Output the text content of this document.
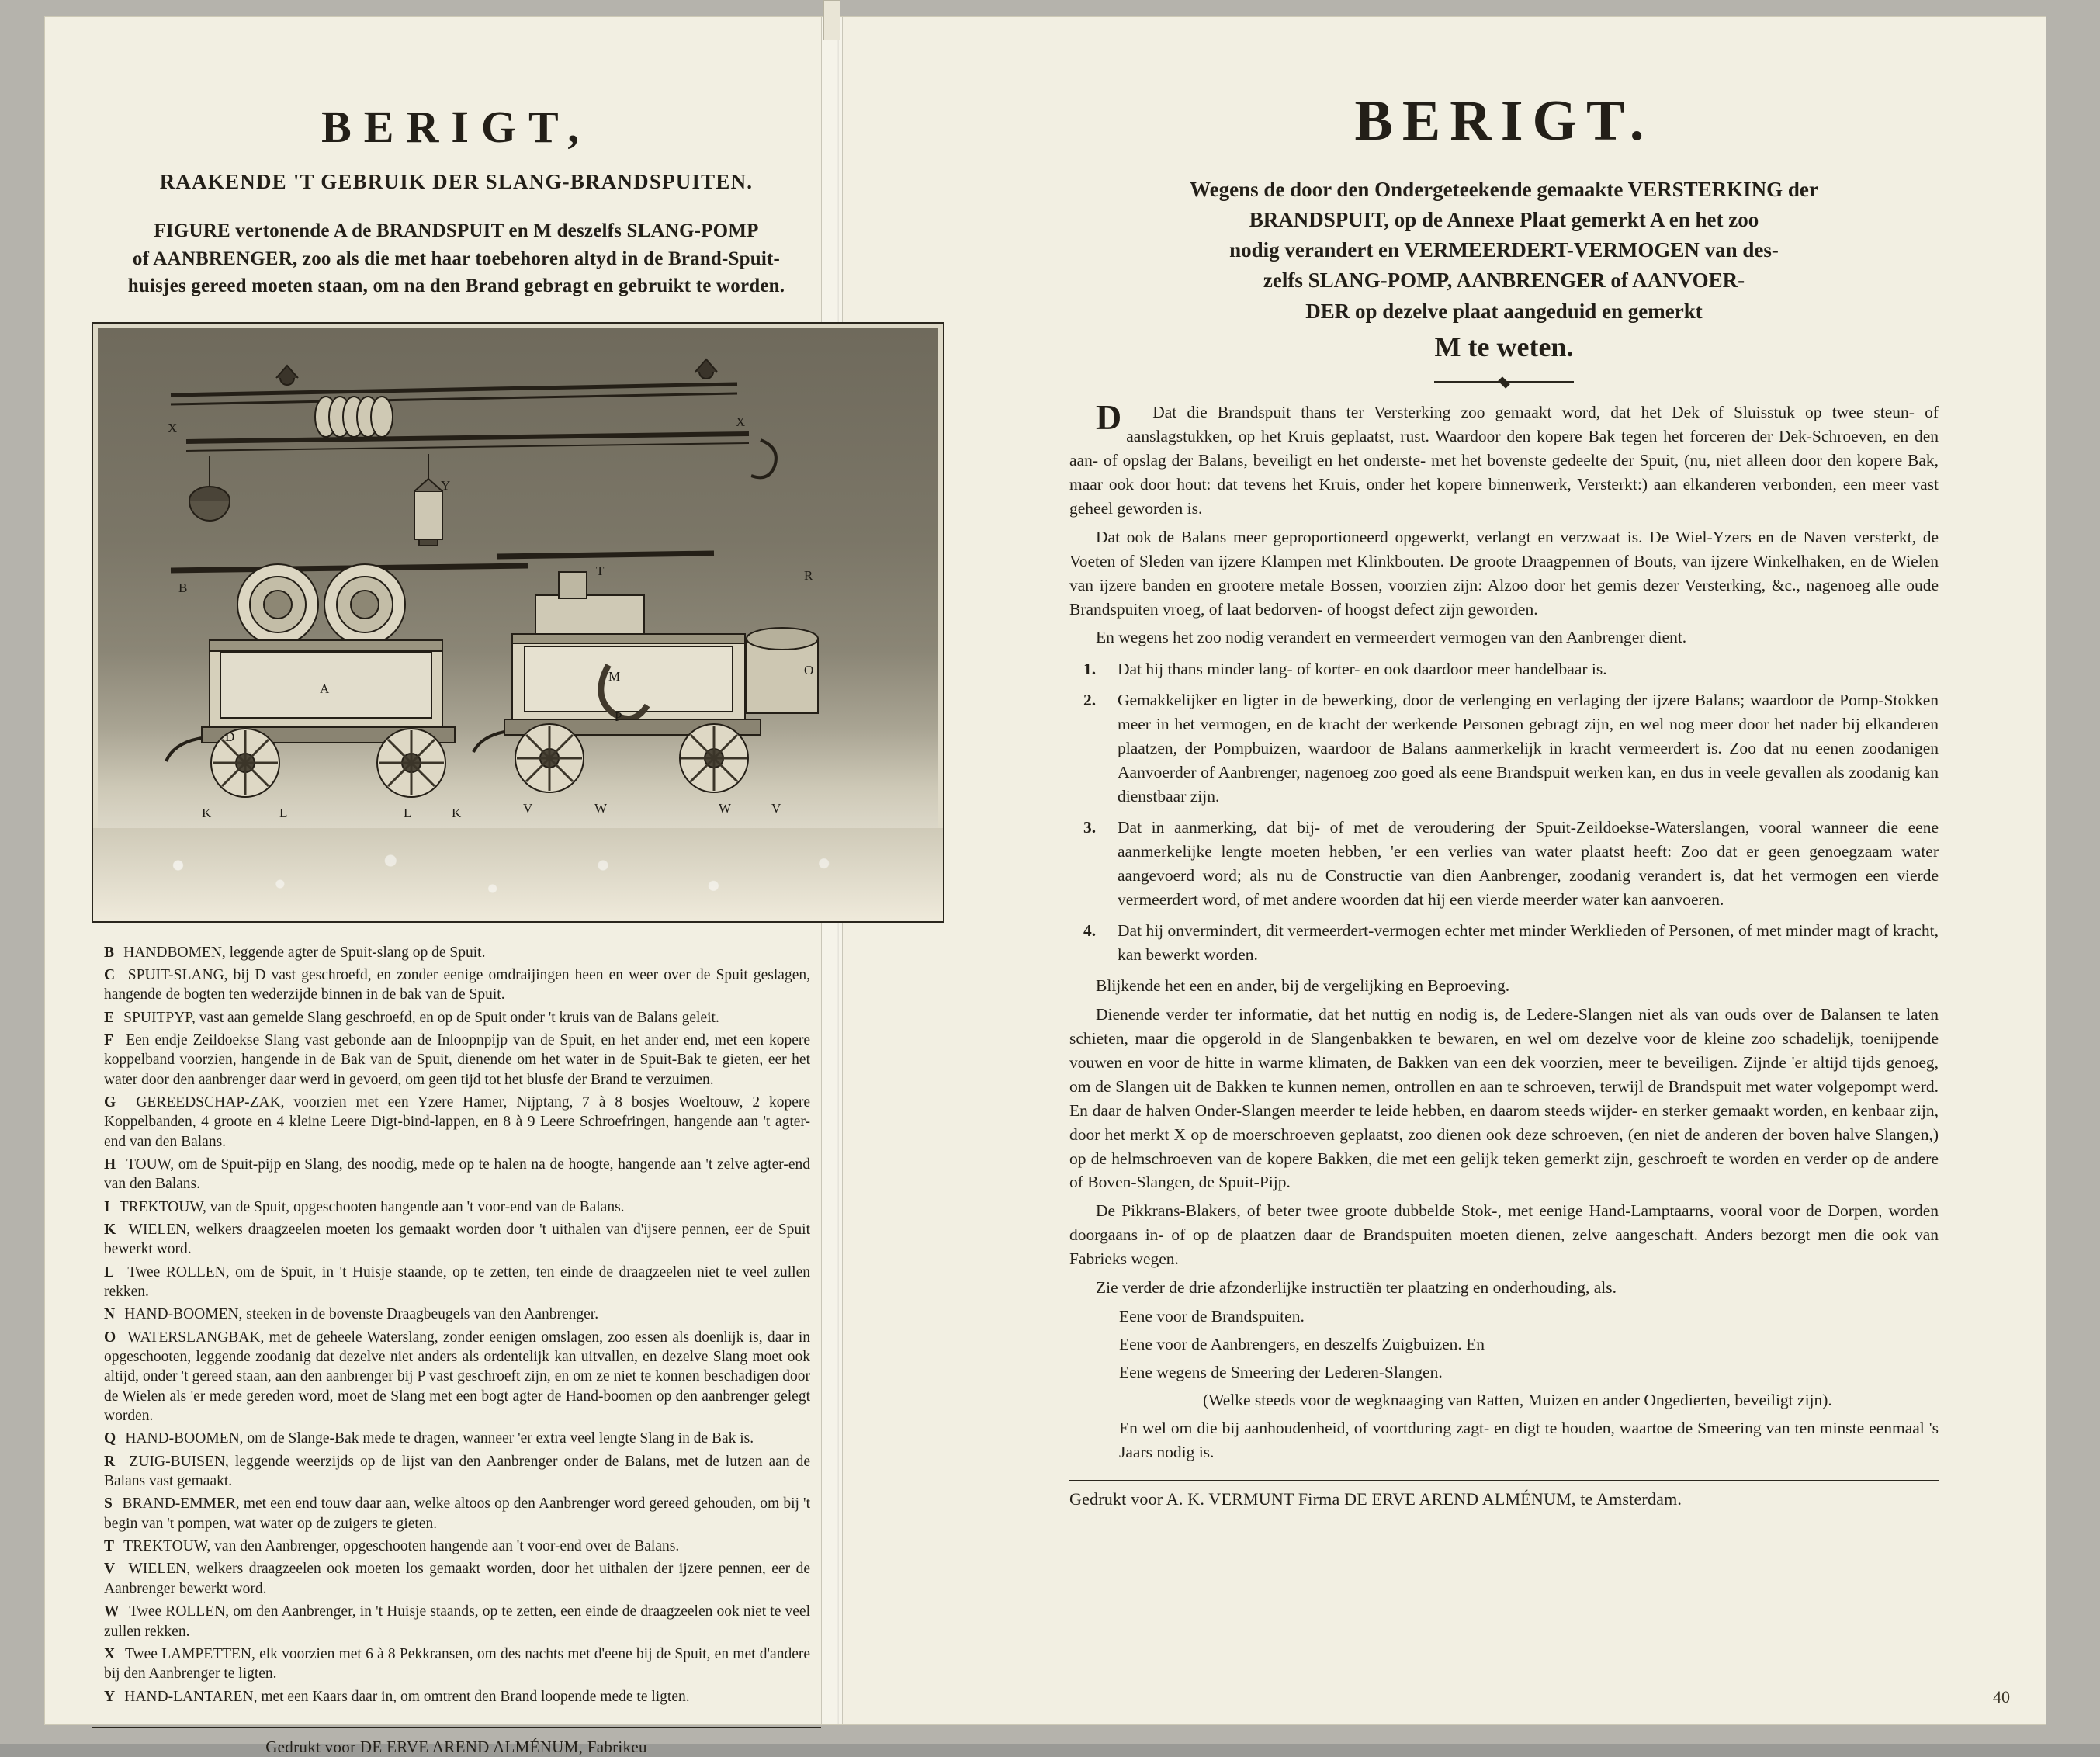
BERIGT,
RAAKENDE 'T GEBRUIK DER SLANG-BRANDSPUITEN.
FIGURE vertonende A de BRANDSPUIT en M deszelfs SLANG-POMP
of AANBRENGER, zoo als die met haar toebehoren altyd in de Brand-Spuit-
huisjes gereed moeten staan, om na den Brand gebragt en gebruikt te worden.
X	X
Y
B
T	R
A
O
M
D
P
K	L	L	K	V	W	W	V
B HANDBOMEN, leggende agter de Spuit-slang op de Spuit.
C SPUIT-SLANG, bij D vast geschroefd, en zonder eenige omdraijingen heen en weer over de Spuit geslagen, hangende de bogten ten wederzijde binnen in de bak van de Spuit.
E SPUITPYP, vast aan gemelde Slang geschroefd, en op de Spuit onder 't kruis van de Balans geleit.
F Een endje Zeildoekse Slang vast gebonde aan de Inloopnpijp van de Spuit, en het ander end, met een kopere koppelband voorzien, hangende in de Bak van de Spuit, dienende om het water in de Spuit-Bak te gieten, eer het water door den aanbrenger daar werd in gevoerd, om geen tijd tot het blusfe der Brand te verzuimen.
G GEREEDSCHAP-ZAK, voorzien met een Yzere Hamer, Nijptang, 7 à 8 bosjes Woeltouw, 2 kopere Koppelbanden, 4 groote en 4 kleine Leere Digt-bind-lappen, en 8 à 9 Leere Schroefringen, hangende aan 't agter-end van den Balans.
H TOUW, om de Spuit-pijp en Slang, des noodig, mede op te halen na de hoogte, hangende aan 't zelve agter-end van den Balans.
I TREKTOUW, van de Spuit, opgeschooten hangende aan 't voor-end van de Balans.
K WIELEN, welkers draagzeelen moeten los gemaakt worden door 't uithalen van d'ijsere pennen, eer de Spuit bewerkt word.
L Twee ROLLEN, om de Spuit, in 't Huisje staande, op te zetten, ten einde de draagzeelen niet te veel zullen rekken.
N HAND-BOOMEN, steeken in de bovenste Draagbeugels van den Aanbrenger.
O WATERSLANGBAK, met de geheele Waterslang, zonder eenigen omslagen, zoo essen als doenlijk is, daar in opgeschooten, leggende zoodanig dat dezelve niet anders als ordentelijk kan uitvallen, en dezelve Slang moet ook altijd, onder 't gereed staan, aan den aanbrenger bij P vast geschroeft zijn, en om ze niet te konnen beschadigen door de Wielen als 'er mede gereden word, moet de Slang met een bogt agter de Hand-boomen op den aanbrenger gelegt worden.
Q HAND-BOOMEN, om de Slange-Bak mede te dragen, wanneer 'er extra veel lengte Slang in de Bak is.
R ZUIG-BUISEN, leggende weerzijds op de lijst van den Aanbrenger onder de Balans, met de lutzen aan de Balans vast gemaakt.
S BRAND-EMMER, met een end touw daar aan, welke altoos op den Aanbrenger word gereed gehouden, om bij 't begin van 't pompen, wat water op de zuigers te gieten.
T TREKTOUW, van den Aanbrenger, opgeschooten hangende aan 't voor-end over de Balans.
V WIELEN, welkers draagzeelen ook moeten los gemaakt worden, door het uithalen der ijzere pennen, eer de Aanbrenger bewerkt word.
W Twee ROLLEN, om den Aanbrenger, in 't Huisje staands, op te zetten, een einde de draagzeelen ook niet te veel zullen rekken.
X Twee LAMPETTEN, elk voorzien met 6 à 8 Pekkransen, om des nachts met d'eene bij de Spuit, en met d'andere bij den Aanbrenger te ligten.
Y HAND-LANTAREN, met een Kaars daar in, om omtrent den Brand loopende mede te ligten.
Gedrukt voor DE ERVE AREND ALMÉNUM, Fabrikeu
BERIGT.
Wegens de door den Ondergeteekende gemaakte VERSTERKING der
BRANDSPUIT, op de Annexe Plaat gemerkt A en het zoo
nodig verandert en VERMEERDERT-VERMOGEN van des-
zelfs SLANG-POMP, AANBRENGER of AANVOER-
DER op dezelve plaat aangeduid en gemerkt
M te weten.

D Dat die Brandspuit thans ter Versterking zoo gemaakt word, dat het Dek of Sluisstuk op twee steun- of aanslagstukken, op het Kruis geplaatst, rust. Waardoor den kopere Bak tegen het forceren der Dek-Schroeven, en den aan- of opslag der Balans, beveiligt en het onderste- met het bovenste gedeelte der Spuit, (nu, niet alleen door den kopere Bak, maar ook door hout: dat tevens het Kruis, onder het kopere binnenwerk, Versterkt:) aan elkanderen verbonden, een meer vast geheel geworden is.

Dat ook de Balans meer geproportioneerd opgewerkt, verlangt en verzwaat is. De Wiel-Yzers en de Naven versterkt, de Voeten of Sleden van ijzere Klampen met Klinkbouten. De groote Draagpennen of Bouts, van ijzere Winkelhaken, en de Wielen van ijzere banden en grootere metale Bossen, voorzien zijn: Alzoo door het gemis dezer Versterking, &c., nagenoeg alle oude Brandspuiten vroeg, of laat bedorven- of hoogst defect zijn geworden.

En wegens het zoo nodig verandert en vermeerdert vermogen van den Aanbrenger dient.

1. Dat hij thans minder lang- of korter- en ook daardoor meer handelbaar is.
2. Gemakkelijker en ligter in de bewerking, door de verlenging en verlaging der ijzere Balans; waardoor de Pomp-Stokken meer in het vermogen, en de kracht der werkende Personen gebragt zijn, en wel nog meer door het nader bij elkanderen plaatzen, der Pompbuizen, waardoor de Balans aanmerkelijk in kracht vermeerdert is. Zoo dat nu eenen zoodanigen Aanvoerder of Aanbrenger, nagenoeg zoo goed als eene Brandspuit werken kan, en dus in veele gevallen als zoodanig kan dienstbaar zijn.
3. Dat in aanmerking, dat bij- of met de veroudering der Spuit-Zeildoekse-Waterslangen, vooral wanneer die eene aanmerkelijke lengte moeten hebben, 'er een verlies van water plaatst heeft: Zoo dat er geen genoegzaam water aangevoerd word; als nu de Constructie van dien Aanbrenger, zoodanig verandert is, dat het vermogen een vierde vermeerdert word, of met andere woorden dat hij een vierde meerder water kan aanvoeren.
4. Dat hij onvermindert, dit vermeerdert-vermogen echter met minder Werklieden of Personen, of met minder magt of kracht, kan bewerkt worden.

Blijkende het een en ander, bij de vergelijking en Beproeving.

Dienende verder ter informatie, dat het nuttig en nodig is, de Ledere-Slangen niet als van ouds over de Balansen te laten schieten, maar die opgerold in de Slangenbakken te bewaren, en wel om dezelve voor de kleine zoo schadelijk, toenijpende vouwen en voor de hitte in warme klimaten, de Bakken van een dek voorzien, meer te beveiligen. Zijnde 'er altijd tijds genoeg, om de Slangen uit de Bakken te kunnen nemen, ontrollen en aan te schroeven, terwijl de Brandspuit met water volgepompt werd. En daar de halven Onder-Slangen meerder te leide hebben, en daarom steeds wijder- en sterker gemaakt worden, en kenbaar zijn, door het merkt X op de moerschroeven geplaatst, zoo dienen ook deze schroeven, (en niet de anderen der boven halve Slangen,) op de helmschroeven van de kopere Bakken, die met een gelijk teken gemerkt zijn, geschroeft te worden en verder op de andere of Boven-Slangen, de Spuit-Pijp.

De Pikkrans-Blakers, of beter twee groote dubbelde Stok-, met eenige Hand-Lamptaarns, vooral voor de Dorpen, worden doorgaans in- of op de plaatzen daar de Brandspuiten moeten dienen, zelve aangeschaft. Anders bezorgt men die ook van Fabrieks wegen.

Zie verder de drie afzonderlijke instructiën ter plaatzing en onderhouding, als.

Eene voor de Brandspuiten.
Eene voor de Aanbrengers, en deszelfs Zuigbuizen. En
Eene wegens de Smeering der Lederen-Slangen.
(Welke steeds voor de wegknaaging van Ratten, Muizen en ander Ongedierten, beveiligt zijn).
En wel om die bij aanhoudenheid, of voortduring zagt- en digt te houden, waartoe de Smeering van ten minste eenmaal 's Jaars nodig is.
Gedrukt voor A. K. VERMUNT Firma DE ERVE AREND ALMÉNUM, te Amsterdam.
40
